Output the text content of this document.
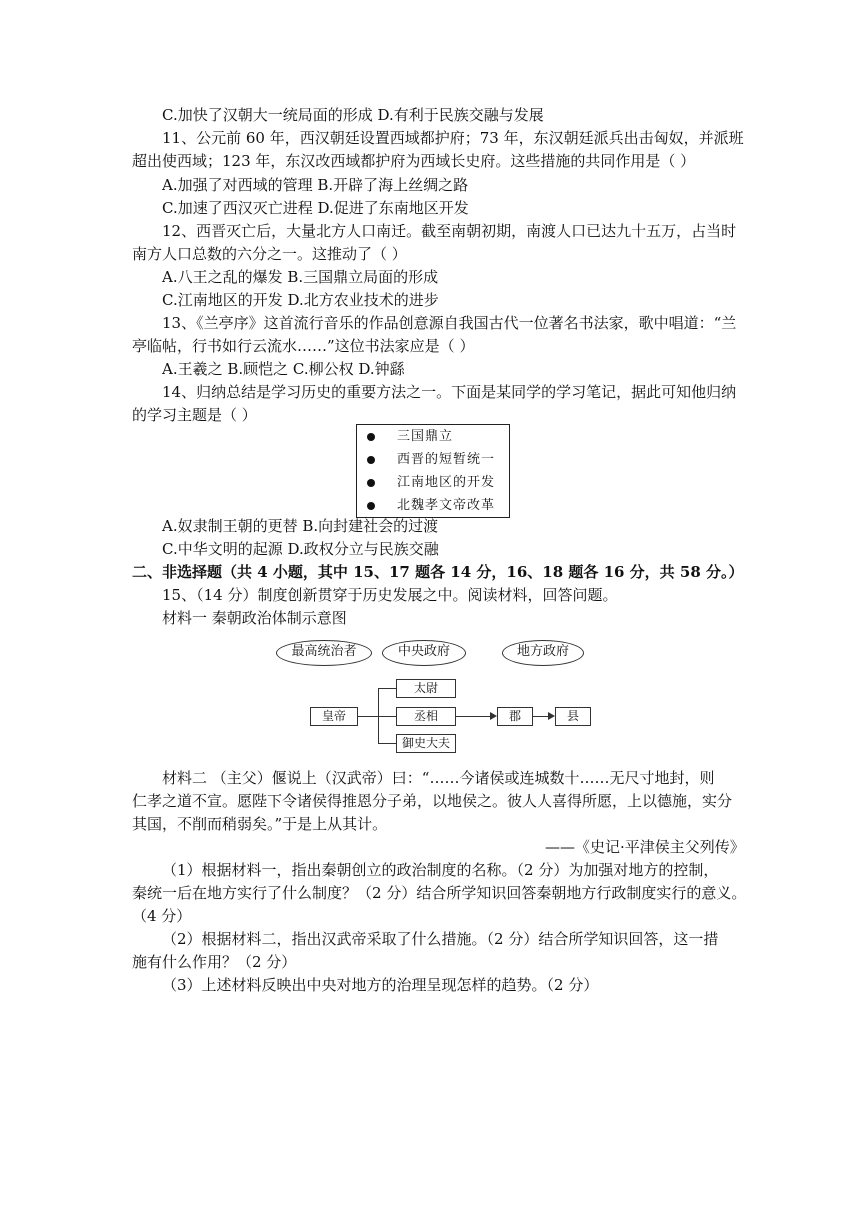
C.加快了汉朝大一统局面的形成 D.有利于民族交融与发展
11、公元前 60 年，西汉朝廷设置西域都护府；73 年，东汉朝廷派兵出击匈奴，并派班
超出使西域；123 年，东汉改西域都护府为西域长史府。这些措施的共同作用是（ ）
A.加强了对西域的管理 B.开辟了海上丝绸之路
C.加速了西汉灭亡进程 D.促进了东南地区开发
12、西晋灭亡后，大量北方人口南迁。截至南朝初期，南渡人口已达九十五万，占当时
南方人口总数的六分之一。这推动了（ ）
A.八王之乱的爆发 B.三国鼎立局面的形成
C.江南地区的开发 D.北方农业技术的进步
13、《兰亭序》这首流行音乐的作品创意源自我国古代一位著名书法家，歌中唱道：“兰
亭临帖，行书如行云流水……”这位书法家应是（ ）
A.王羲之 B.顾恺之 C.柳公权 D.钟繇
14、归纳总结是学习历史的重要方法之一。下面是某同学的学习笔记，据此可知他归纳
的学习主题是（ ）
三国鼎立
西晋的短暂统一
江南地区的开发
北魏孝文帝改革
A.奴隶制王朝的更替 B.向封建社会的过渡
C.中华文明的起源 D.政权分立与民族交融
二、非选择题（共 4 小题，其中 15、17 题各 14 分，16、18 题各 16 分，共 58 分。）
15、（14 分）制度创新贯穿于历史发展之中。阅读材料，回答问题。
材料一 秦朝政治体制示意图
最高统治者	中央政府	地方政府
皇帝
太尉
丞相
御史大夫
郡	县
材料二 （主父）偃说上（汉武帝）曰：“……今诸侯或连城数十……无尺寸地封，则
仁孝之道不宣。愿陛下令诸侯得推恩分子弟，以地侯之。彼人人喜得所愿，上以德施，实分
其国，不削而稍弱矣。”于是上从其计。
——《史记·平津侯主父列传》
（1）根据材料一，指出秦朝创立的政治制度的名称。（2 分）为加强对地方的控制，
秦统一后在地方实行了什么制度？（2 分）结合所学知识回答秦朝地方行政制度实行的意义。
（4 分）
（2）根据材料二，指出汉武帝采取了什么措施。（2 分）结合所学知识回答，这一措
施有什么作用？（2 分）
（3）上述材料反映出中央对地方的治理呈现怎样的趋势。（2 分）
